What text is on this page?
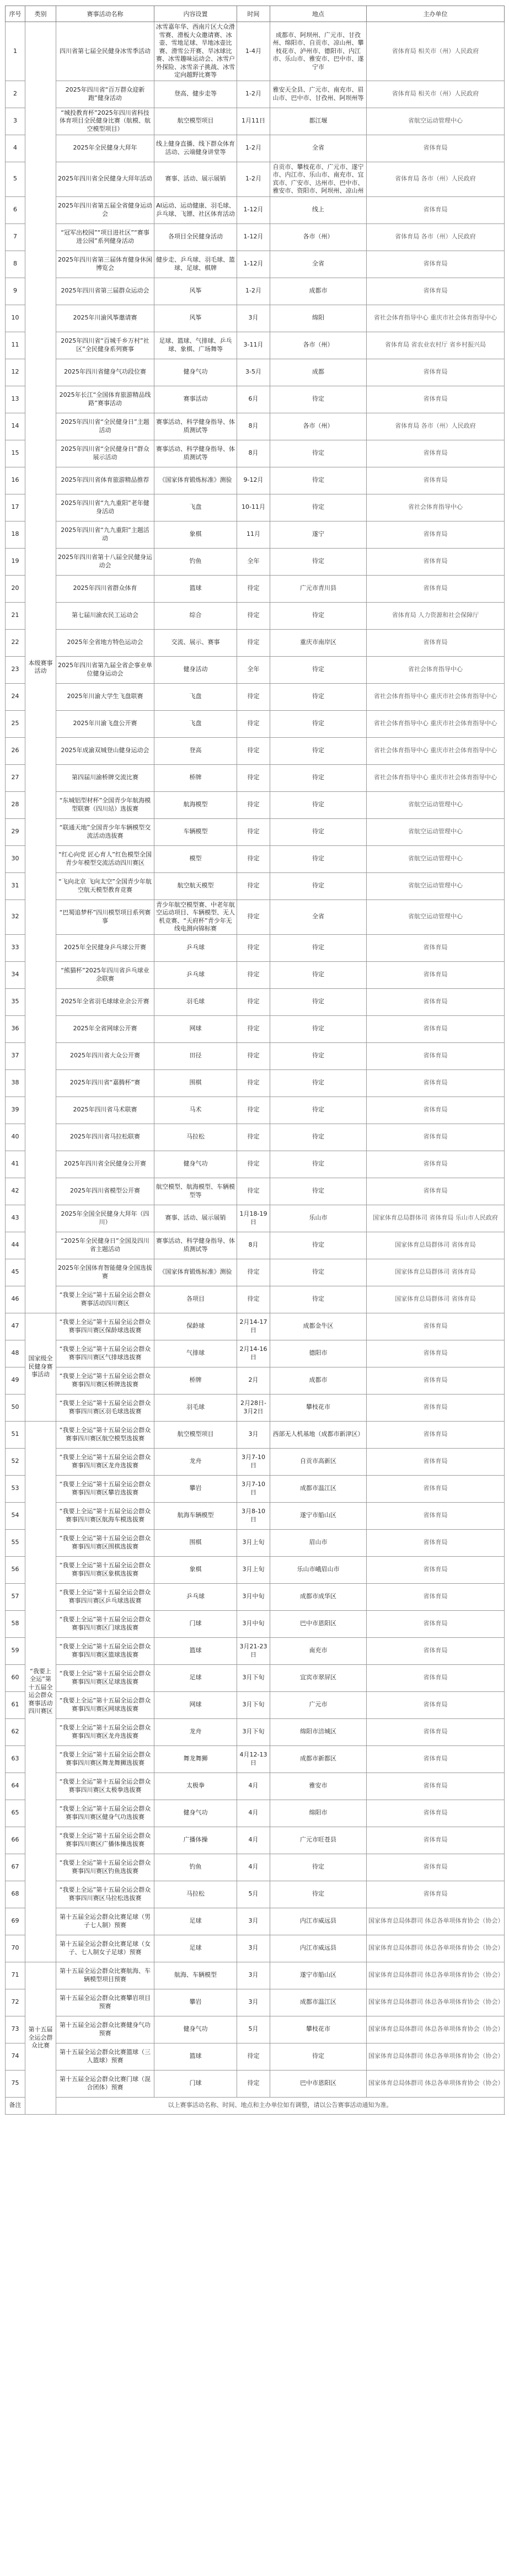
序号	类别	赛事活动名称	内容设置	时间	地点	主办单位
1	本级赛事活动	四川省第七届全民健身冰雪季活动	冰雪嘉年华、西南片区大众滑雪赛、滑板大众邀请赛、冰壶、雪地足球、旱地冰壶比赛、滑雪公开赛、旱冰球比赛、冰雪趣味运动会、冰雪户外探险、冰雪亲子挑战、冰雪定向越野比赛等	1-4月	成都市、阿坝州、广元市、甘孜州、绵阳市、自贡市、凉山州、攀枝花市、泸州市、德阳市、内江市、乐山市、雅安市、巴中市、遂宁市	省体育局 相关市（州）人民政府
2		2025年四川省“百万群众迎新跑”健身活动	登高、健步走等	1-2月	雅安天全县、广元市、南充市、眉山市、巴中市、甘孜州、阿坝州等	省体育局 相关市（州）人民政府
3		“城投教育杯”2025年四川省科技体育项目全民健身比赛（航模、航空模型项目）	航空模型项目	1月11日	都江堰	省航空运动管理中心
4		2025年全民健身大拜年	线上健身直播、线下群众体育活动、云端健身讲堂等	1-2月	全省	省体育局
5		2025年四川省全民健身大拜年活动	赛事、活动、展示展销	1-2月	自贡市、攀枝花市、广元市、遂宁市、内江市、乐山市、南充市、宜宾市、广安市、达州市、巴中市、雅安市、资阳市、阿坝州、凉山州	省体育局 各市（州）人民政府
6		2025年四川省第五届全省健身运动会	AI运动、运动健康、羽毛球、乒乓球、飞镖、社区体育活动	1-12月	线上	省体育局
7		“冠军出校园”“项目进社区”“赛事进公园”系列健身活动	各项目全民健身活动	1-12月	各市（州）	省体育局 各市（州）人民政府
8		2025年四川省第三届体育健身休闲博览会	健步走、乒乓球、羽毛球、篮球、足球、棋牌	1-12月	全省	省体育局
9		2025年四川省第三届群众运动会	风筝	1-2月	成都市	省体育局
10		2025年川渝风筝邀请赛	风筝	3月	绵阳	省社会体育指导中心 重庆市社会体育指导中心
11		2025年四川省“百城千乡万村”社区“全民健身系列赛事	足球、篮球、气排球、乒乓球、象棋、广场舞等	3-11月	各市（州）	省体育局 省农业农村厅 省乡村振兴局
12		2025年四川省健身气功段位赛	健身气功	3-5月	成都	省体育局
13		2025年长江“全国体育旅游精品线路”赛事活动	赛事活动	6月	待定	省体育局
14		2025年四川省“全民健身日”主题活动	赛事活动、科学健身指导、体质测试等	8月	各市（州）	省体育局 各市（州）人民政府
15		2025年四川省“全民健身日”群众展示活动	赛事活动、科学健身指导、体质测试等	8月	待定	省体育局
16		2025年四川省体育旅游精品推荐	《国家体育锻炼标准》测验	9-12月	待定	省体育局
17		2025年四川省“九九重阳”老年健身活动	飞盘	10-11月	待定	省社会体育指导中心
18		2025年四川省“九九重阳”主题活动	象棋	11月	遂宁	省体育局
19		2025年四川省第十八届全民健身运动会	钓鱼	全年	待定	省体育局
20		2025年四川省群众体育	篮球	待定	广元市青川县	省体育局
21		第七届川渝农民工运动会	综合	待定	待定	省体育局 人力资源和社会保障厅
22		2025年全省地方特色运动会	交流、展示、赛事	待定	重庆市南岸区	省体育局
23		2025年四川省第九届全省企事业单位健身运动会	健身活动	全年	待定	省社会体育指导中心
24		2025年川渝大学生飞盘联赛	飞盘	待定	待定	省社会体育指导中心 重庆市社会体育指导中心
25		2025年川渝飞盘公开赛	飞盘	待定	待定	省社会体育指导中心 重庆市社会体育指导中心
26		2025年成渝双城登山健身运动会	登高	待定	待定	省社会体育指导中心 重庆市社会体育指导中心
27		第四届川渝桥牌交流比赛	桥牌	待定	待定	省社会体育指导中心 重庆市社会体育指导中心
28		“东城铝型材杯”全国青少年航海模型联赛（四川站）选拔赛	航海模型	待定	待定	省航空运动管理中心
29		“联通天地”全国青少年车辆模型交流活动选拔赛	车辆模型	待定	待定	省航空运动管理中心
30		“红心向党 匠心育人”红色模型全国青少年模型交流活动四川赛区	模型	待定	待定	省航空运动管理中心
31		“飞向北京 飞向太空”全国青少年航空航天模型教育竞赛	航空航天模型	待定	待定	省航空运动管理中心
32		“巴蜀追梦杯”四川模型项目系列赛事	青少年航空模型赛、中老年航空运动项目、车辆模型、无人机竞赛、“天府杯”青少年无线电测向锦标赛	待定	全省	省航空运动管理中心
33		2025年全民健身乒乓球公开赛	乒乓球	待定	待定	省体育局
34		“熊猫杯”2025年四川省乒乓球业余联赛	乒乓球	待定	待定	省体育局
35		2025年全省羽毛球球业余公开赛	羽毛球	待定	待定	省体育局
36		2025年全省网球公开赛	网球	待定	待定	省体育局
37		2025年四川省大众公开赛	田径	待定	待定	省体育局
38		2025年四川省“嘉腾杯”赛	围棋	待定	待定	省体育局
39		2025年四川省马术联赛	马术	待定	待定	省体育局
40		2025年四川省马拉松联赛	马拉松	待定	待定	省体育局
41		2025年四川省全民健身公开赛	健身气功	待定	待定	省体育局
42		2025年四川省模型公开赛	航空模型、航海模型、车辆模型等	待定	待定	省体育局
43		2025年全国全民健身大拜年（四川）	赛事、活动、展示展销	1月18-19日	乐山市	国家体育总局群体司 省体育局 乐山市人民政府
44		“2025年全民健身日”全国及四川省主题活动	赛事活动、科学健身指导、体质测试等	8月	待定	国家体育总局群体司 省体育局
45		2025年全国体育智能健身全国选拔赛	《国家体育锻炼标准》测验	待定	待定	国家体育总局群体司 省体育局
46		“我要上全运”第十五届全运会群众赛事活动四川赛区	各项目	待定	待定	国家体育总局群体司 省体育局
47	国家级全民健身赛事活动	“我要上全运”第十五届全运会群众赛事四川赛区保龄球选拔赛	保龄球	2月14-17日	成都金牛区	省体育局
48		“我要上全运”第十五届全运会群众赛事四川赛区气排球选拔赛	气排球	2月14-16日	德阳市	省体育局
49		“我要上全运”第十五届全运会群众赛事四川赛区桥牌选拔赛	桥牌	2月	成都市	省体育局
50		“我要上全运”第十五届全运会群众赛事四川赛区羽毛球选拔赛	羽毛球	2月28日-3月2日	攀枝花市	省体育局
51	“我要上全运”第十五届全运会群众赛事活动四川赛区	“我要上全运”第十五届全运会群众赛事四川赛区航空模型选拔赛	航空模型项目	3月	西部无人机基地（成都市新津区）	省体育局
52		“我要上全运”第十五届全运会群众赛事四川赛区龙舟选拔赛	龙舟	3月7-10日	自贡市高新区	省体育局
53		“我要上全运”第十五届全运会群众赛事四川赛区攀岩选拔赛	攀岩	3月7-10日	成都市温江区	省体育局
54		“我要上全运”第十五届全运会群众赛事四川赛区航海车模选拔赛	航海车辆模型	3月8-10日	遂宁市船山区	省体育局
55		“我要上全运”第十五届全运会群众赛事四川赛区围棋选拔赛	围棋	3月上旬	眉山市	省体育局
56		“我要上全运”第十五届全运会群众赛事四川赛区象棋选拔赛	象棋	3月上旬	乐山市峨眉山市	省体育局
57		“我要上全运”第十五届全运会群众赛事四川赛区乒乓球选拔赛	乒乓球	3月中旬	成都市成华区	省体育局
58		“我要上全运”第十五届全运会群众赛事四川赛区门球选拔赛	门球	3月中旬	巴中市恩阳区	省体育局
59		“我要上全运”第十五届全运会群众赛事四川赛区篮球选拔赛	篮球	3月21-23日	南充市	省体育局
60		“我要上全运”第十五届全运会群众赛事四川赛区足球选拔赛	足球	3月下旬	宜宾市翠屏区	省体育局
61		“我要上全运”第十五届全运会群众赛事四川赛区网球选拔赛	网球	3月下旬	广元市	省体育局
62		“我要上全运”第十五届全运会群众赛事四川赛区龙舟选拔赛	龙舟	3月下旬	绵阳市涪城区	省体育局
63		“我要上全运”第十五届全运会群众赛事四川赛区舞龙舞狮选拔赛	舞龙舞狮	4月12-13日	成都市新都区	省体育局
64		“我要上全运”第十五届全运会群众赛事四川赛区太极拳选拔赛	太极拳	4月	雅安市	省体育局
65		“我要上全运”第十五届全运会群众赛事四川赛区健身气功选拔赛	健身气功	4月	绵阳市	省体育局
66		“我要上全运”第十五届全运会群众赛事四川赛区广播体操选拔赛	广播体操	4月	广元市旺苍县	省体育局
67		“我要上全运”第十五届全运会群众赛事四川赛区钓鱼选拔赛	钓鱼	4月	待定	省体育局
68		“我要上全运”第十五届全运会群众赛事四川赛区马拉松选拔赛	马拉松	5月	待定	省体育局
69		第十五届全运会群众比赛足球（男子七人制）预赛	足球	3月	内江市威远县	国家体育总局体群司 体总各单项体育协会（协会）
70		第十五届全运会群众比赛足球（女子、七人制女子足球）预赛	足球	3月	内江市威远县	国家体育总局体群司 体总各单项体育协会（协会）
71	第十五届全运会群众比赛	第十五届全运会群众比赛航海、车辆模型项目预赛	航海、车辆模型	3月	遂宁市船山区	国家体育总局体群司 体总各单项体育协会（协会）
72		第十五届全运会群众比赛攀岩项目预赛	攀岩	3月	成都市温江区	国家体育总局体群司 体总各单项体育协会（协会）
73		第十五届全运会群众比赛健身气功预赛	健身气功	5月	攀枝花市	国家体育总局体群司 体总各单项体育协会（协会）
74		第十五届全运会群众比赛篮球（三人篮球）预赛	篮球	待定	待定	国家体育总局体群司 体总各单项体育协会（协会）
75		第十五届全运会群众比赛门球（混合团体）预赛	门球	待定	巴中市恩阳区	国家体育总局体群司 体总各单项体育协会（协会）
备注		以上赛事活动名称、时间、地点和主办单位如有调整，请以公告赛事活动通知为准。				
